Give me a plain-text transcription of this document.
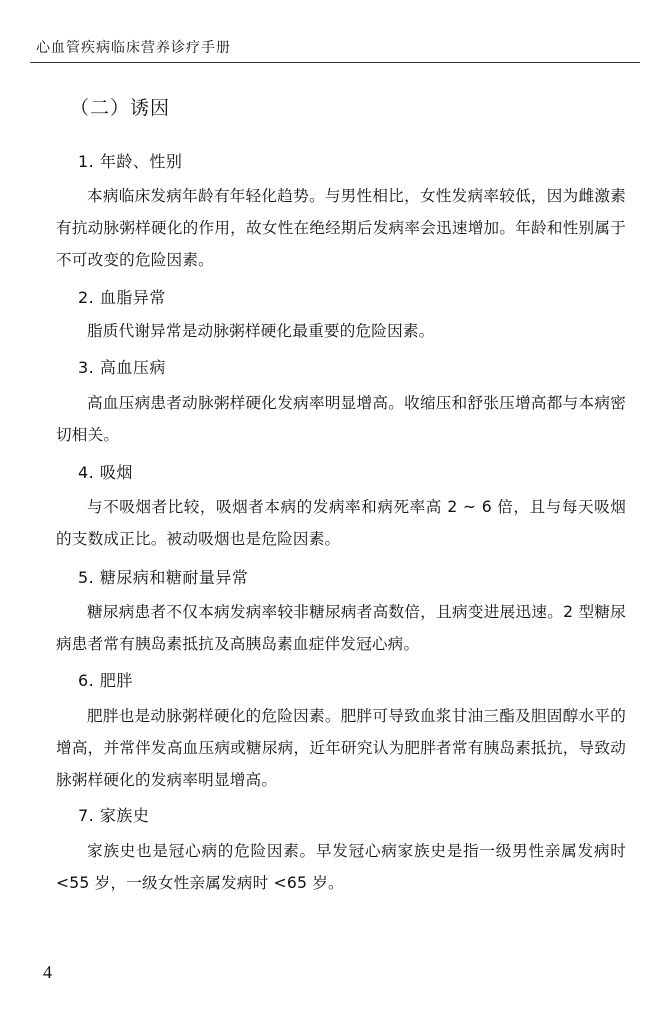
心血管疾病临床营养诊疗手册
（二）诱因
1. 年龄、性别

本病临床发病年龄有年轻化趋势。与男性相比，女性发病率较低，因为雌激素有抗动脉粥样硬化的作用，故女性在绝经期后发病率会迅速增加。年龄和性别属于不可改变的危险因素。

2. 血脂异常

脂质代谢异常是动脉粥样硬化最重要的危险因素。

3. 高血压病

高血压病患者动脉粥样硬化发病率明显增高。收缩压和舒张压增高都与本病密切相关。

4. 吸烟

与不吸烟者比较，吸烟者本病的发病率和病死率高 2 ~ 6 倍，且与每天吸烟的支数成正比。被动吸烟也是危险因素。

5. 糖尿病和糖耐量异常

糖尿病患者不仅本病发病率较非糖尿病者高数倍，且病变进展迅速。2 型糖尿病患者常有胰岛素抵抗及高胰岛素血症伴发冠心病。

6. 肥胖

肥胖也是动脉粥样硬化的危险因素。肥胖可导致血浆甘油三酯及胆固醇水平的增高，并常伴发高血压病或糖尿病，近年研究认为肥胖者常有胰岛素抵抗，导致动脉粥样硬化的发病率明显增高。

7. 家族史

家族史也是冠心病的危险因素。早发冠心病家族史是指一级男性亲属发病时 <55 岁，一级女性亲属发病时 <65 岁。

4
